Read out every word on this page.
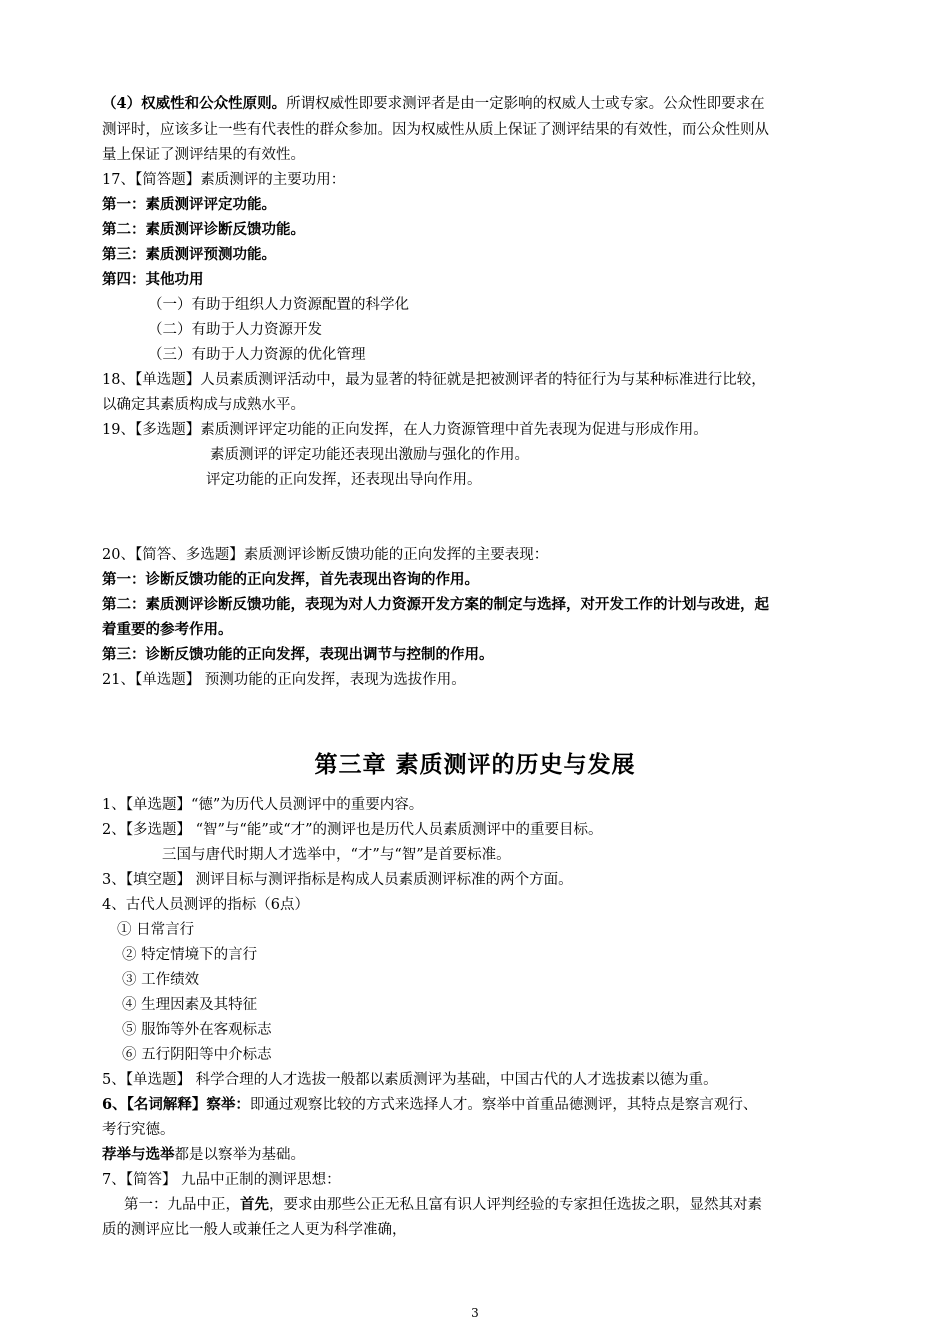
（4）权威性和公众性原则。所谓权威性即要求测评者是由一定影响的权威人士或专家。公众性即要求在
测评时，应该多让一些有代表性的群众参加。因为权威性从质上保证了测评结果的有效性，而公众性则从
量上保证了测评结果的有效性。
17、【简答题】素质测评的主要功用：
第一：素质测评评定功能。
第二：素质测评诊断反馈功能。
第三：素质测评预测功能。
第四：其他功用
（一）有助于组织人力资源配置的科学化
（二）有助于人力资源开发
（三）有助于人力资源的优化管理
18、【单选题】人员素质测评活动中，最为显著的特征就是把被测评者的特征行为与某种标准进行比较，
以确定其素质构成与成熟水平。
19、【多选题】素质测评评定功能的正向发挥，在人力资源管理中首先表现为促进与形成作用。
素质测评的评定功能还表现出激励与强化的作用。
评定功能的正向发挥，还表现出导向作用。
20、【简答、多选题】素质测评诊断反馈功能的正向发挥的主要表现：
第一：诊断反馈功能的正向发挥，首先表现出咨询的作用。
第二：素质测评诊断反馈功能，表现为对人力资源开发方案的制定与选择，对开发工作的计划与改进，起
着重要的参考作用。
第三：诊断反馈功能的正向发挥，表现出调节与控制的作用。
21、【单选题】 预测功能的正向发挥，表现为选拔作用。
第三章 素质测评的历史与发展
1、【单选题】“德”为历代人员测评中的重要内容。
2、【多选题】 “智”与“能”或“才”的测评也是历代人员素质测评中的重要目标。
三国与唐代时期人才选举中，“才”与“智”是首要标准。
3、【填空题】 测评目标与测评指标是构成人员素质测评标准的两个方面。
4、古代人员测评的指标（6点）
① 日常言行
② 特定情境下的言行
③ 工作绩效
④ 生理因素及其特征
⑤ 服饰等外在客观标志
⑥ 五行阴阳等中介标志
5、【单选题】 科学合理的人才选拔一般都以素质测评为基础，中国古代的人才选拔素以德为重。
6、【名词解释】察举：即通过观察比较的方式来选择人才。察举中首重品德测评，其特点是察言观行、
考行究德。
荐举与选举都是以察举为基础。
7、【简答】 九品中正制的测评思想：
第一：九品中正，首先，要求由那些公正无私且富有识人评判经验的专家担任选拔之职，显然其对素
质的测评应比一般人或兼任之人更为科学准确，
3
